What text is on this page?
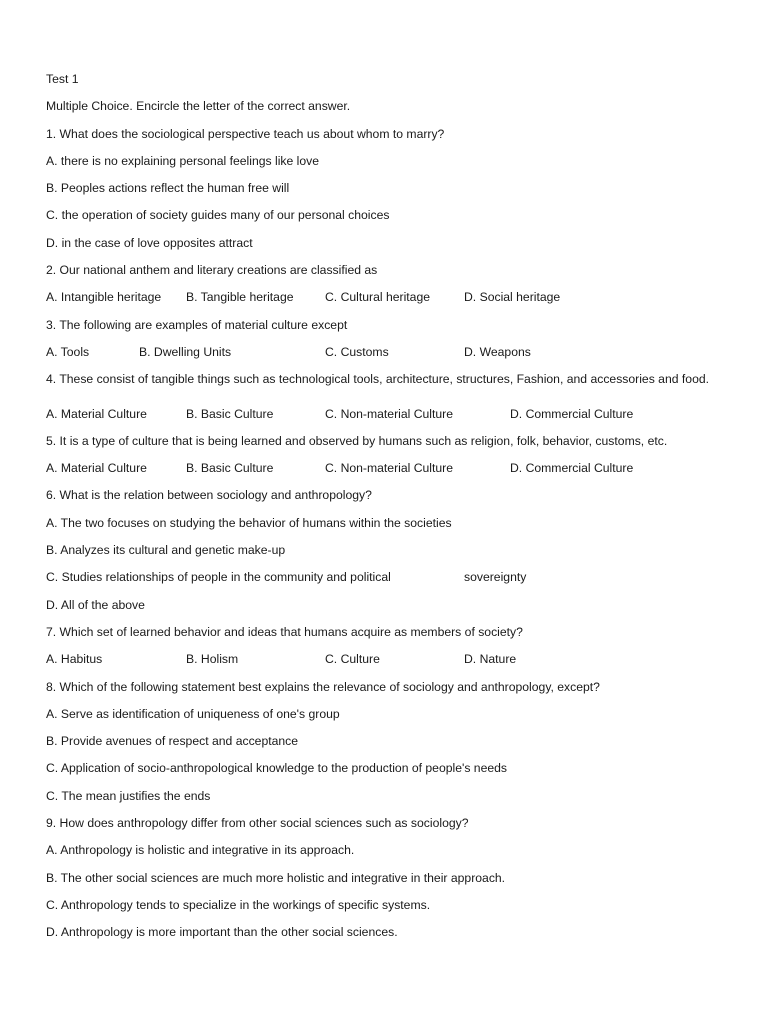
Test 1
Multiple Choice. Encircle the letter of the correct answer.
1. What does the sociological perspective teach us about whom to marry?
A. there is no explaining personal feelings like love
B. Peoples actions reflect the human free will
C. the operation of society guides many of our personal choices
D. in the case of love opposites attract
2. Our national anthem and literary creations are classified as
A. Intangible heritage B. Tangible heritage	C. Cultural heritage	D. Social heritage
3. The following are examples of material culture except
A. Tools	B. Dwelling Units	C. Customs	D. Weapons
4. These consist of tangible things such as technological tools, architecture, structures, Fashion, and accessories and food.
A. Material Culture	B. Basic Culture	C. Non-material Culture	D. Commercial Culture
5. It is a type of culture that is being learned and observed by humans such as religion, folk, behavior, customs, etc.
A. Material Culture	B. Basic Culture	C. Non-material Culture	D. Commercial Culture
6. What is the relation between sociology and anthropology?
A. The two focuses on studying the behavior of humans within the societies
B. Analyzes its cultural and genetic make-up
C. Studies relationships of people in the community and political	sovereignty
D. All of the above
7. Which set of learned behavior and ideas that humans acquire as members of society?
A. Habitus	B. Holism	C. Culture	D. Nature
8. Which of the following statement best explains the relevance of sociology and anthropology, except?
A. Serve as identification of uniqueness of one's group
B. Provide avenues of respect and acceptance
C. Application of socio-anthropological knowledge to the production of people's needs
C. The mean justifies the ends
9. How does anthropology differ from other social sciences such as sociology?
A. Anthropology is holistic and integrative in its approach.
B. The other social sciences are much more holistic and integrative in their approach.
C. Anthropology tends to specialize in the workings of specific systems.
D. Anthropology is more important than the other social sciences.
